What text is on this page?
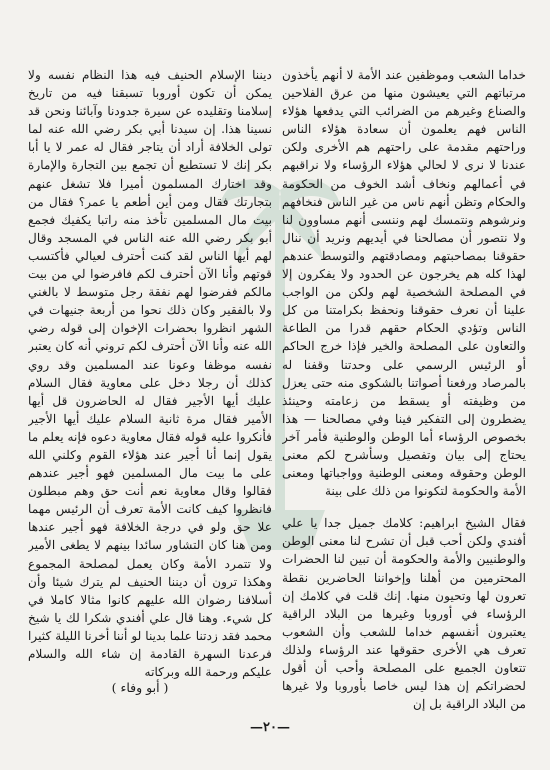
خداما الشعب وموظفين عند الأمة لا أنهم يأخذون مرتباتهم التي يعيشون منها من عرق الفلاحين والصناع وغيرهم من الضرائب التي يدفعها هؤلاء الناس فهم يعلمون أن سعادة هؤلاء الناس وراحتهم مقدمة على راحتهم هم الأخرى ولكن عندنا لا نرى لا لحالي هؤلاء الرؤساء ولا نراقبهم في أعمالهم ونخاف أشد الخوف من الحكومة والحكام وتظن أنهم ناس من غير الناس فنخافهم ونرشوهم ونتمسك لهم وننسى أنهم مساوون لنا ولا نتصور أن مصالحنا في أيديهم ونريد أن ننال حقوقنا بمصاحبتهم ومصادقتهم والتوسط عندهم لهذا كله هم يخرجون عن الحدود ولا يفكرون إلا في المصلحة الشخصية لهم ولكن من الواجب علينا أن نعرف حقوقنا ونحفظ بكرامتنا من كل الناس وتؤدي الحكام حقهم قدرا من الطاعة والتعاون على المصلحة والخير فإذا خرج الحاكم أو الرئيس الرسمي على وحدتنا وقفنا له بالمرصاد ورفعنا أصواتنا بالشكوى منه حتى يعزل من وظيفته أو يسقط من زعامته وحينئذ يضطرون إلى التفكير فينا وفي مصالحنا — هذا بخصوص الرؤساء أما الوطن والوطنية فأمر آخر يحتاج إلى بيان وتفصيل وسأشرح لكم معنى الوطن وحقوقه ومعنى الوطنية وواجباتها ومعنى الأمة والحكومة لتكونوا من ذلك على بينة

فقال الشيخ ابراهيم: كلامك جميل جدا يا علي أفندي ولكن أحب قبل أن تشرح لنا معنى الوطن والوطنيين والأمة والحكومة أن تبين لنا الحضرات المحترمين من أهلنا وإخواننا الحاضرين نقطة تعرون لها وتحيون منها. إنك قلت في كلامك إن الرؤساء في أوروبا وغيرها من البلاد الراقية يعتبرون أنفسهم خداما للشعب وأن الشعوب تعرف هي الأخرى حقوقها عند الرؤساء ولذلك تتعاون الجميع على المصلحة وأحب أن أقول لحضراتكم إن هذا ليس خاصا بأوروبا ولا غيرها من البلاد الراقية بل إن

ديننا الإسلام الحنيف فيه هذا النظام نفسه ولا يمكن أن تكون أوروبا تسبقنا فيه من تاريخ إسلامنا وتقليده عن سيرة جدودنا وآبائنا ونحن قد نسينا هذا. إن سيدنا أبي بكر رضي الله عنه لما تولى الخلافة أراد أن يتاجر فقال له عمر لا يا أبا بكر إنك لا تستطيع أن تجمع بين التجارة والإمارة وقد اختارك المسلمون أميرا فلا تشغل عنهم بتجارتك فقال ومن أين أطعم يا عمر؟ فقال من بيت مال المسلمين تأخذ منه راتبا يكفيك فجمع أبو بكر رضي الله عنه الناس في المسجد وقال لهم أيها الناس لقد كنت أحترف لعيالي فأكتسب قوتهم وأنا الآن أحترف لكم فافرضوا لي من بيت مالكم ففرضوا لهم نفقة رجل متوسط لا بالغني ولا بالفقير وكان ذلك نحوا من أربعة جنيهات في الشهر انظروا بحضرات الإخوان إلى قوله رضي الله عنه وأنا الآن أحترف لكم تروني أنه كان يعتبر نفسه موظفا وعونا عند المسلمين وقد روي كذلك أن رجلا دخل على معاوية فقال السلام عليك أيها الأجير فقال له الحاضرون قل أيها الأمير فقال مرة ثانية السلام عليك أيها الأجير فأنكروا عليه قوله فقال معاوية دعوه فإنه يعلم ما يقول إنما أنا أجير عند هؤلاء القوم وكلني الله على ما بيت مال المسلمين فهو أجير عندهم فقالوا وقال معاوية نعم أنت حق وهم مبطلون فانظروا كيف كانت الأمة تعرف أن الرئيس مهما علا حق ولو في درجة الخلافة فهو أجير عندها ومن هنا كان التشاور سائدا بينهم لا يطغى الأمير ولا تتمرد الأمة وكان يعمل لمصلحة المجموع وهكذا ترون أن ديننا الحنيف لم يترك شيئا وأن أسلافنا رضوان الله عليهم كانوا مثالا كاملا في كل شيء. وهنا قال علي أفندي شكرا لك يا شيخ محمد فقد زدتنا علما بدينا لو أننا أخرنا الليلة كثيرا فرعدنا السهرة القادمة إن شاء الله والسلام عليكم ورحمة الله وبركاته

( أبو وفاء )
—٢٠—
